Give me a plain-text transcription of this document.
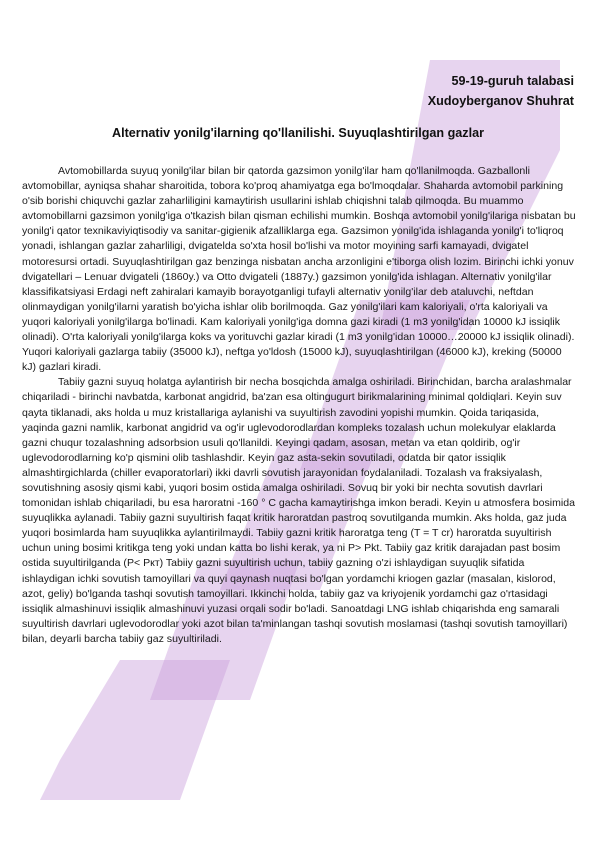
59-19-guruh talabasi
Xudoyberganov Shuhrat
Alternativ yonilg'ilarning qo'llanilishi. Suyuqlashtirilgan gazlar

Avtomobillarda suyuq yonilg'ilar bilan bir qatorda gazsimon yonilg'ilar ham qo'llanilmoqda. Gazballonli avtomobillar, ayniqsa shahar sharoitida, tobora ko'proq ahamiyatga ega bo'lmoqdalar. Shaharda avtomobil parkining o'sib borishi chiquvchi gazlar zaharliligini kamaytirish usullarini ishlab chiqishni talab qilmoqda. Bu muammo avtomobillarni gazsimon yonilg'iga o'tkazish bilan qisman echilishi mumkin. Boshqa avtomobil yonilg'ilariga nisbatan bu yonilg'i qator texnikaviyiqtisodiy va sanitar-gigienik afzalliklarga ega. Gazsimon yonilg'ida ishlaganda yonilg'i to'liqroq yonadi, ishlangan gazlar zaharliligi, dvigatelda so'xta hosil bo'lishi va motor moyining sarfi kamayadi, dvigatel motoresursi ortadi. Suyuqlashtirilgan gaz benzinga nisbatan ancha arzonligini e'tiborga olish lozim. Birinchi ichki yonuv dvigatellari – Lenuar dvigateli (1860y.) va Otto dvigateli (1887y.) gazsimon yonilg'ida ishlagan. Alternativ yonilg'ilar klassifikatsiyasi Erdagi neft zahiralari kamayib borayotganligi tufayli alternativ yonilg'ilar deb ataluvchi, neftdan olinmaydigan yonilg'ilarni yaratish bo'yicha ishlar olib borilmoqda. Gaz yonilg'ilari kam kaloriyali, o'rta kaloriyali va yuqori kaloriyali yonilg'ilarga bo'linadi. Kam kaloriyali yonilg'iga domna gazi kiradi (1 m3 yonilg'idan 10000 kJ issiqlik olinadi). O'rta kaloriyali yonilg'ilarga koks va yorituvchi gazlar kiradi (1 m3 yonilg'idan 10000…20000 kJ issiqlik olinadi). Yuqori kaloriyali gazlarga tabiiy (35000 kJ), neftga yo'ldosh (15000 kJ), suyuqlashtirilgan (46000 kJ), kreking (50000 kJ) gazlari kiradi.

Tabiiy gazni suyuq holatga aylantirish bir necha bosqichda amalga oshiriladi. Birinchidan, barcha aralashmalar chiqariladi - birinchi navbatda, karbonat angidrid, ba'zan esa oltingugurt birikmalarining minimal qoldiqlari. Keyin suv qayta tiklanadi, aks holda u muz kristallariga aylanishi va suyultirish zavodini yopishi mumkin. Qoida tariqasida, yaqinda gazni namlik, karbonat angidrid va og'ir uglevodorodlardan kompleks tozalash uchun molekulyar elaklarda gazni chuqur tozalashning adsorbsion usuli qo'llanildi. Keyingi qadam, asosan, metan va etan qoldirib, og'ir uglevodorodlarning ko'p qismini olib tashlashdir. Keyin gaz asta-sekin sovutiladi, odatda bir qator issiqlik almashtirgichlarda (chiller evaporatorlari) ikki davrli sovutish jarayonidan foydalaniladi. Tozalash va fraksiyalash, sovutishning asosiy qismi kabi, yuqori bosim ostida amalga oshiriladi. Sovuq bir yoki bir nechta sovutish davrlari tomonidan ishlab chiqariladi, bu esa haroratni -160 ° C gacha kamaytirishga imkon beradi. Keyin u atmosfera bosimida suyuqlikka aylanadi. Tabiiy gazni suyultirish faqat kritik haroratdan pastroq sovutilganda mumkin. Aks holda, gaz juda yuqori bosimlarda ham suyuqlikka aylantirilmaydi. Tabiiy gazni kritik haroratga teng (T = T cr) haroratda suyultirish uchun uning bosimi kritikga teng yoki undan katta bo lishi kerak, ya ni P> Pkt. Tabiiy gaz kritik darajadan past bosim ostida suyultirilganda (P< Pкт) Tabiiy gazni suyultirish uchun, tabiiy gazning o'zi ishlaydigan suyuqlik sifatida ishlaydigan ichki sovutish tamoyillari va quyi qaynash nuqtasi bo'lgan yordamchi kriogen gazlar (masalan, kislorod, azot, geliy) bo'lganda tashqi sovutish tamoyillari. Ikkinchi holda, tabiiy gaz va kriyojenik yordamchi gaz o'rtasidagi issiqlik almashinuvi issiqlik almashinuvi yuzasi orqali sodir bo'ladi. Sanoatdagi LNG ishlab chiqarishda eng samarali suyultirish davrlari uglevodorodlar yoki azot bilan ta'minlangan tashqi sovutish moslamasi (tashqi sovutish tamoyillari) bilan, deyarli barcha tabiiy gaz suyultiriladi.
